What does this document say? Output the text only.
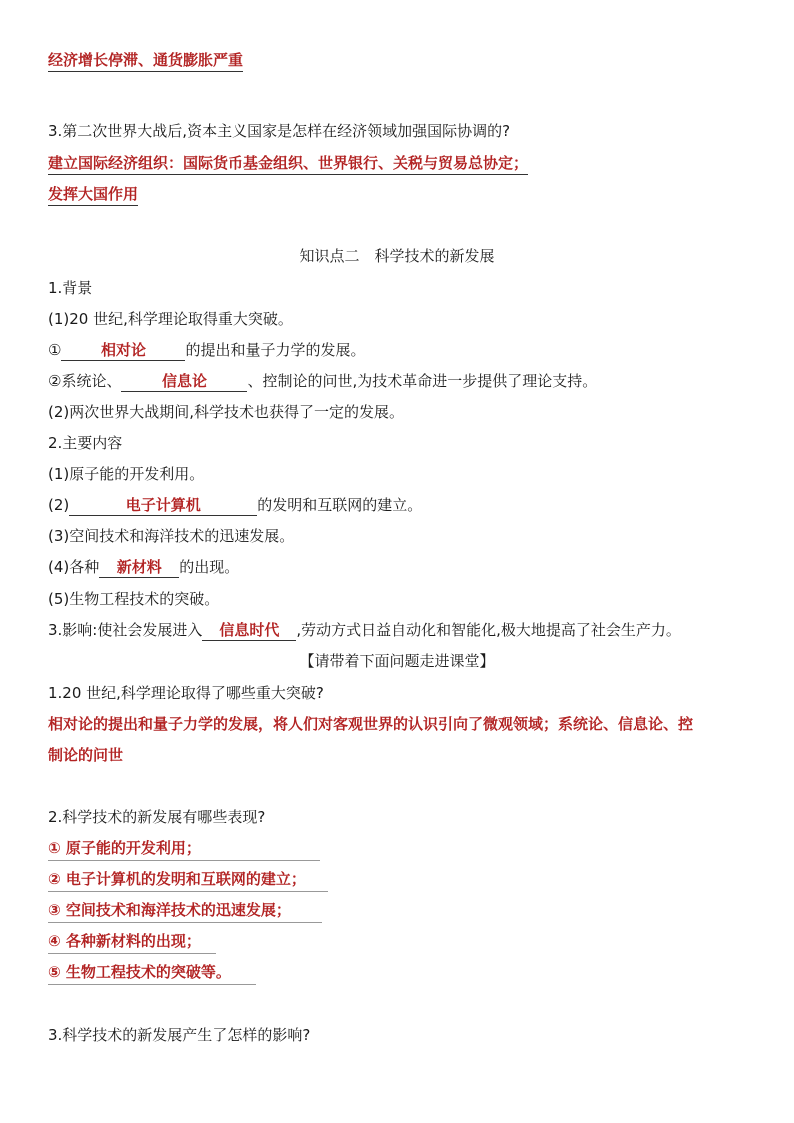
经济增长停滞、通货膨胀严重
3.第二次世界大战后,资本主义国家是怎样在经济领域加强国际协调的?
建立国际经济组织：国际货币基金组织、世界银行、关税与贸易总协定；
发挥大国作用
知识点二　科学技术的新发展
1.背景
(1)20 世纪,科学理论取得重大突破。
①	相对论	的提出和量子力学的发展。
②系统论、	信息论	、控制论的问世,为技术革命进一步提供了理论支持。
(2)两次世界大战期间,科学技术也获得了一定的发展。
2.主要内容
(1)原子能的开发利用。
(2)	电子计算机	的发明和互联网的建立。
(3)空间技术和海洋技术的迅速发展。
(4)各种 新材料 的出现。
(5)生物工程技术的突破。
3.影响:使社会发展进入 信息时代 ,劳动方式日益自动化和智能化,极大地提高了社会生产力。
【请带着下面问题走进课堂】
1.20 世纪,科学理论取得了哪些重大突破?
相对论的提出和量子力学的发展，将人们对客观世界的认识引向了微观领域；系统论、信息论、控
制论的问世
2.科学技术的新发展有哪些表现?
① 原子能的开发利用；
② 电子计算机的发明和互联网的建立；
③ 空间技术和海洋技术的迅速发展；
④ 各种新材料的出现；
⑤ 生物工程技术的突破等。
3.科学技术的新发展产生了怎样的影响?
